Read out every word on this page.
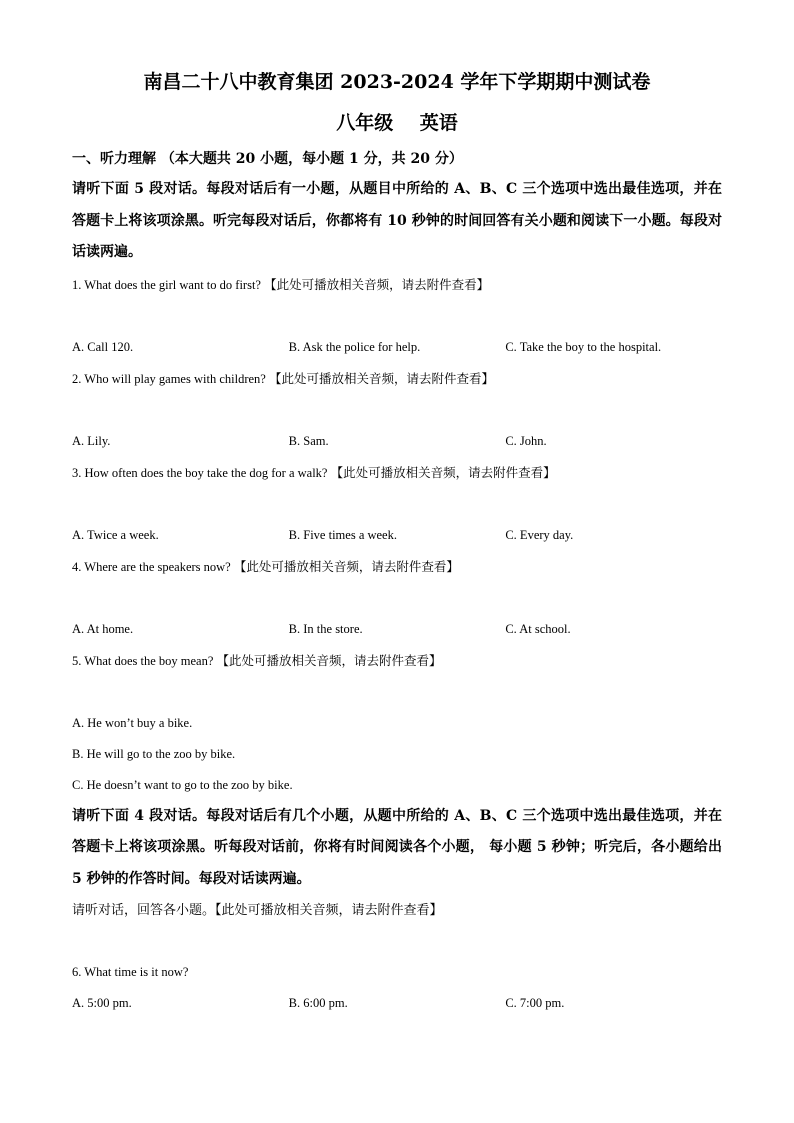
南昌二十八中教育集团 2023-2024 学年下学期期中测试卷
八年级    英语

一、听力理解 （本大题共 20 小题，每小题 1 分，共 20 分）

请听下面 5 段对话。每段对话后有一小题，从题目中所给的 A、B、C 三个选项中选出最佳选项，并在答题卡上将该项涂黑。听完每段对话后，你都将有 10 秒钟的时间回答有关小题和阅读下一小题。每段对话读两遍。

1. What does the girl want to do first? 【此处可播放相关音频，请去附件查看】

A. Call 120.	B. Ask the police for help.	C. Take the boy to the hospital.

2. Who will play games with children? 【此处可播放相关音频，请去附件查看】

A. Lily.	B. Sam.	C. John.

3. How often does the boy take the dog for a walk? 【此处可播放相关音频，请去附件查看】

A. Twice a week.	B. Five times a week.	C. Every day.

4. Where are the speakers now? 【此处可播放相关音频，请去附件查看】

A. At home.	B. In the store.	C. At school.

5. What does the boy mean? 【此处可播放相关音频，请去附件查看】

A. He won’t buy a bike.

B. He will go to the zoo by bike.

C. He doesn’t want to go to the zoo by bike.

请听下面 4 段对话。每段对话后有几个小题，从题中所给的 A、B、C 三个选项中选出最佳选项，并在答题卡上将该项涂黑。听每段对话前，你将有时间阅读各个小题， 每小题 5 秒钟；听完后，各小题给出 5 秒钟的作答时间。每段对话读两遍。

请听对话，回答各小题。【此处可播放相关音频，请去附件查看】

6. What time is it now?

A. 5:00 pm.	B. 6:00 pm.	C. 7:00 pm.
